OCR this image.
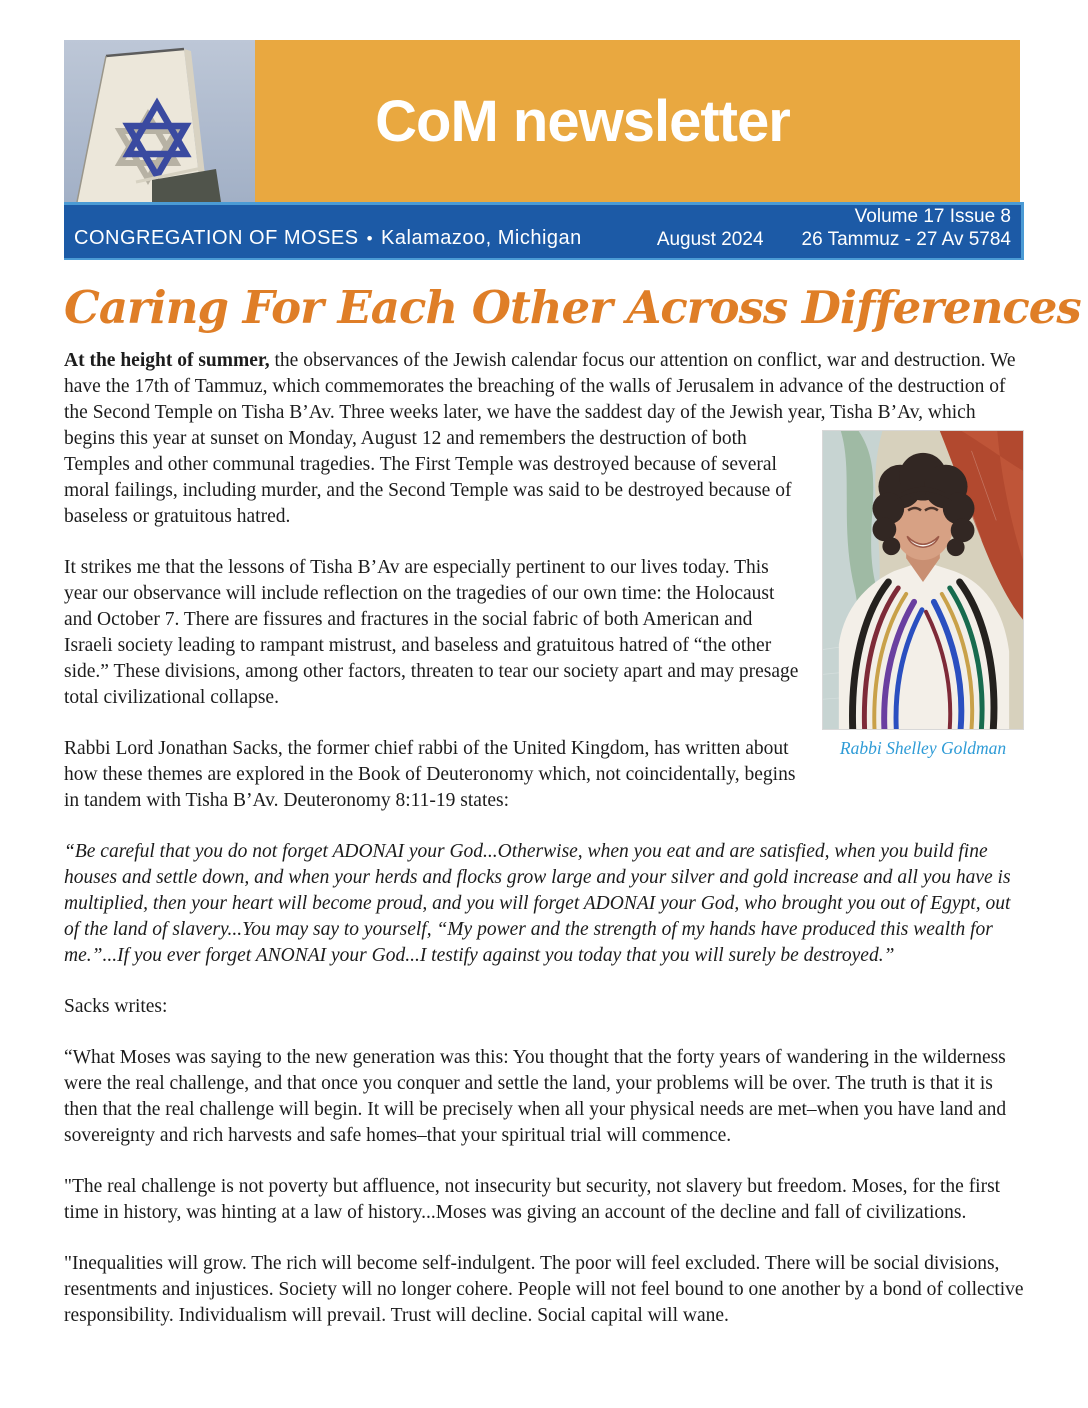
CoM newsletter
CONGREGATION OF MOSES • Kalamazoo, Michigan
Volume 17 Issue 8
August 2024 26 Tammuz - 27 Av 5784
Caring For Each Other Across Differences

At the height of summer, the observances of the Jewish calendar focus our attention on conflict, war and destruction. We have the 17th of Tammuz, which commemorates the breaching of the walls of Jerusalem in advance of the destruction of the Second Temple on Tisha B’Av. Three weeks later, we have the saddest day of the Jewish year, Tisha B’Av, which begins this year at sunset on Monday, August 12 and remembers the destruction of
Rabbi Shelley Goldman
both Temples and other communal tragedies. The First Temple was destroyed because of several moral failings, including murder, and the Second Temple was said to be destroyed because of baseless or gratuitous hatred.

It strikes me that the lessons of Tisha B’Av are especially pertinent to our lives today. This year our observance will include reflection on the tragedies of our own time: the Holocaust and October 7. There are fissures and fractures in the social fabric of both American and Israeli society leading to rampant mistrust, and baseless and gratuitous hatred of “the other side.” These divisions, among other factors, threaten to tear our society apart and may presage total civilizational collapse.

Rabbi Lord Jonathan Sacks, the former chief rabbi of the United Kingdom, has written about how these themes are explored in the Book of Deuteronomy which, not coincidentally, begins in tandem with Tisha B’Av. Deuteronomy 8:11-19 states:

“Be careful that you do not forget ADONAI your God...Otherwise, when you eat and are satisfied, when you build fine houses and settle down, and when your herds and flocks grow large and your silver and gold increase and all you have is multiplied, then your heart will become proud, and you will forget ADONAI your God, who brought you out of Egypt, out of the land of slavery...You may say to yourself, “My power and the strength of my hands have produced this wealth for me.”...If you ever forget ANONAI your God...I testify against you today that you will surely be destroyed.”

Sacks writes:

“What Moses was saying to the new generation was this: You thought that the forty years of wandering in the wilderness were the real challenge, and that once you conquer and settle the land, your problems will be over. The truth is that it is then that the real challenge will begin. It will be precisely when all your physical needs are met–when you have land and sovereignty and rich harvests and safe homes–that your spiritual trial will commence.

"The real challenge is not poverty but affluence, not insecurity but security, not slavery but freedom. Moses, for the first time in history, was hinting at a law of history...Moses was giving an account of the decline and fall of civilizations.

"Inequalities will grow. The rich will become self-indulgent. The poor will feel excluded. There will be social divisions, resentments and injustices. Society will no longer cohere. People will not feel bound to one another by a bond of collective responsibility. Individualism will prevail. Trust will decline. Social capital will wane.
